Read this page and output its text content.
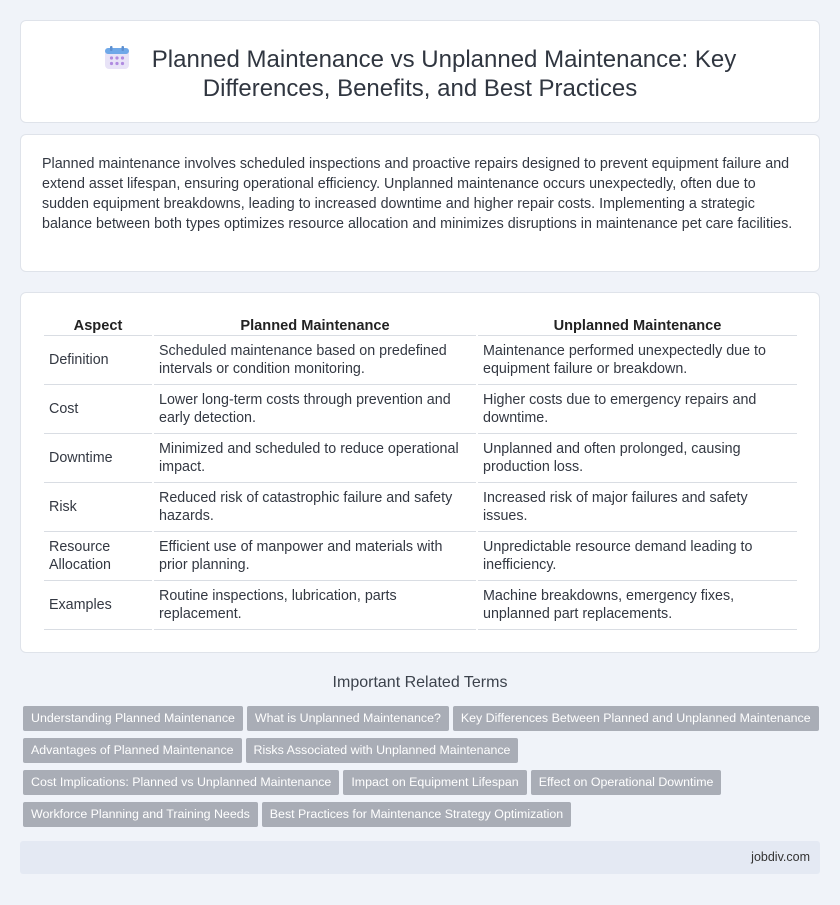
Planned Maintenance vs Unplanned Maintenance: Key
Differences, Benefits, and Best Practices

Planned maintenance involves scheduled inspections and proactive repairs designed to prevent equipment failure and extend asset lifespan, ensuring operational efficiency. Unplanned maintenance occurs unexpectedly, often due to sudden equipment breakdowns, leading to increased downtime and higher repair costs. Implementing a strategic balance between both types optimizes resource allocation and minimizes disruptions in maintenance pet care facilities.

Aspect	Planned Maintenance	Unplanned Maintenance
Definition	Scheduled maintenance based on predefined intervals or condition monitoring.	Maintenance performed unexpectedly due to equipment failure or breakdown.
Cost	Lower long-term costs through prevention and early detection.	Higher costs due to emergency repairs and downtime.
Downtime	Minimized and scheduled to reduce operational impact.	Unplanned and often prolonged, causing production loss.
Risk	Reduced risk of catastrophic failure and safety hazards.	Increased risk of major failures and safety issues.
Resource Allocation	Efficient use of manpower and materials with prior planning.	Unpredictable resource demand leading to inefficiency.
Examples	Routine inspections, lubrication, parts replacement.	Machine breakdowns, emergency fixes, unplanned part replacements.
Important Related Terms
Understanding Planned Maintenance What is Unplanned Maintenance? Key Differences Between Planned and Unplanned Maintenance
Advantages of Planned Maintenance Risks Associated with Unplanned Maintenance
Cost Implications: Planned vs Unplanned Maintenance Impact on Equipment Lifespan Effect on Operational Downtime
Workforce Planning and Training Needs Best Practices for Maintenance Strategy Optimization
jobdiv.com
